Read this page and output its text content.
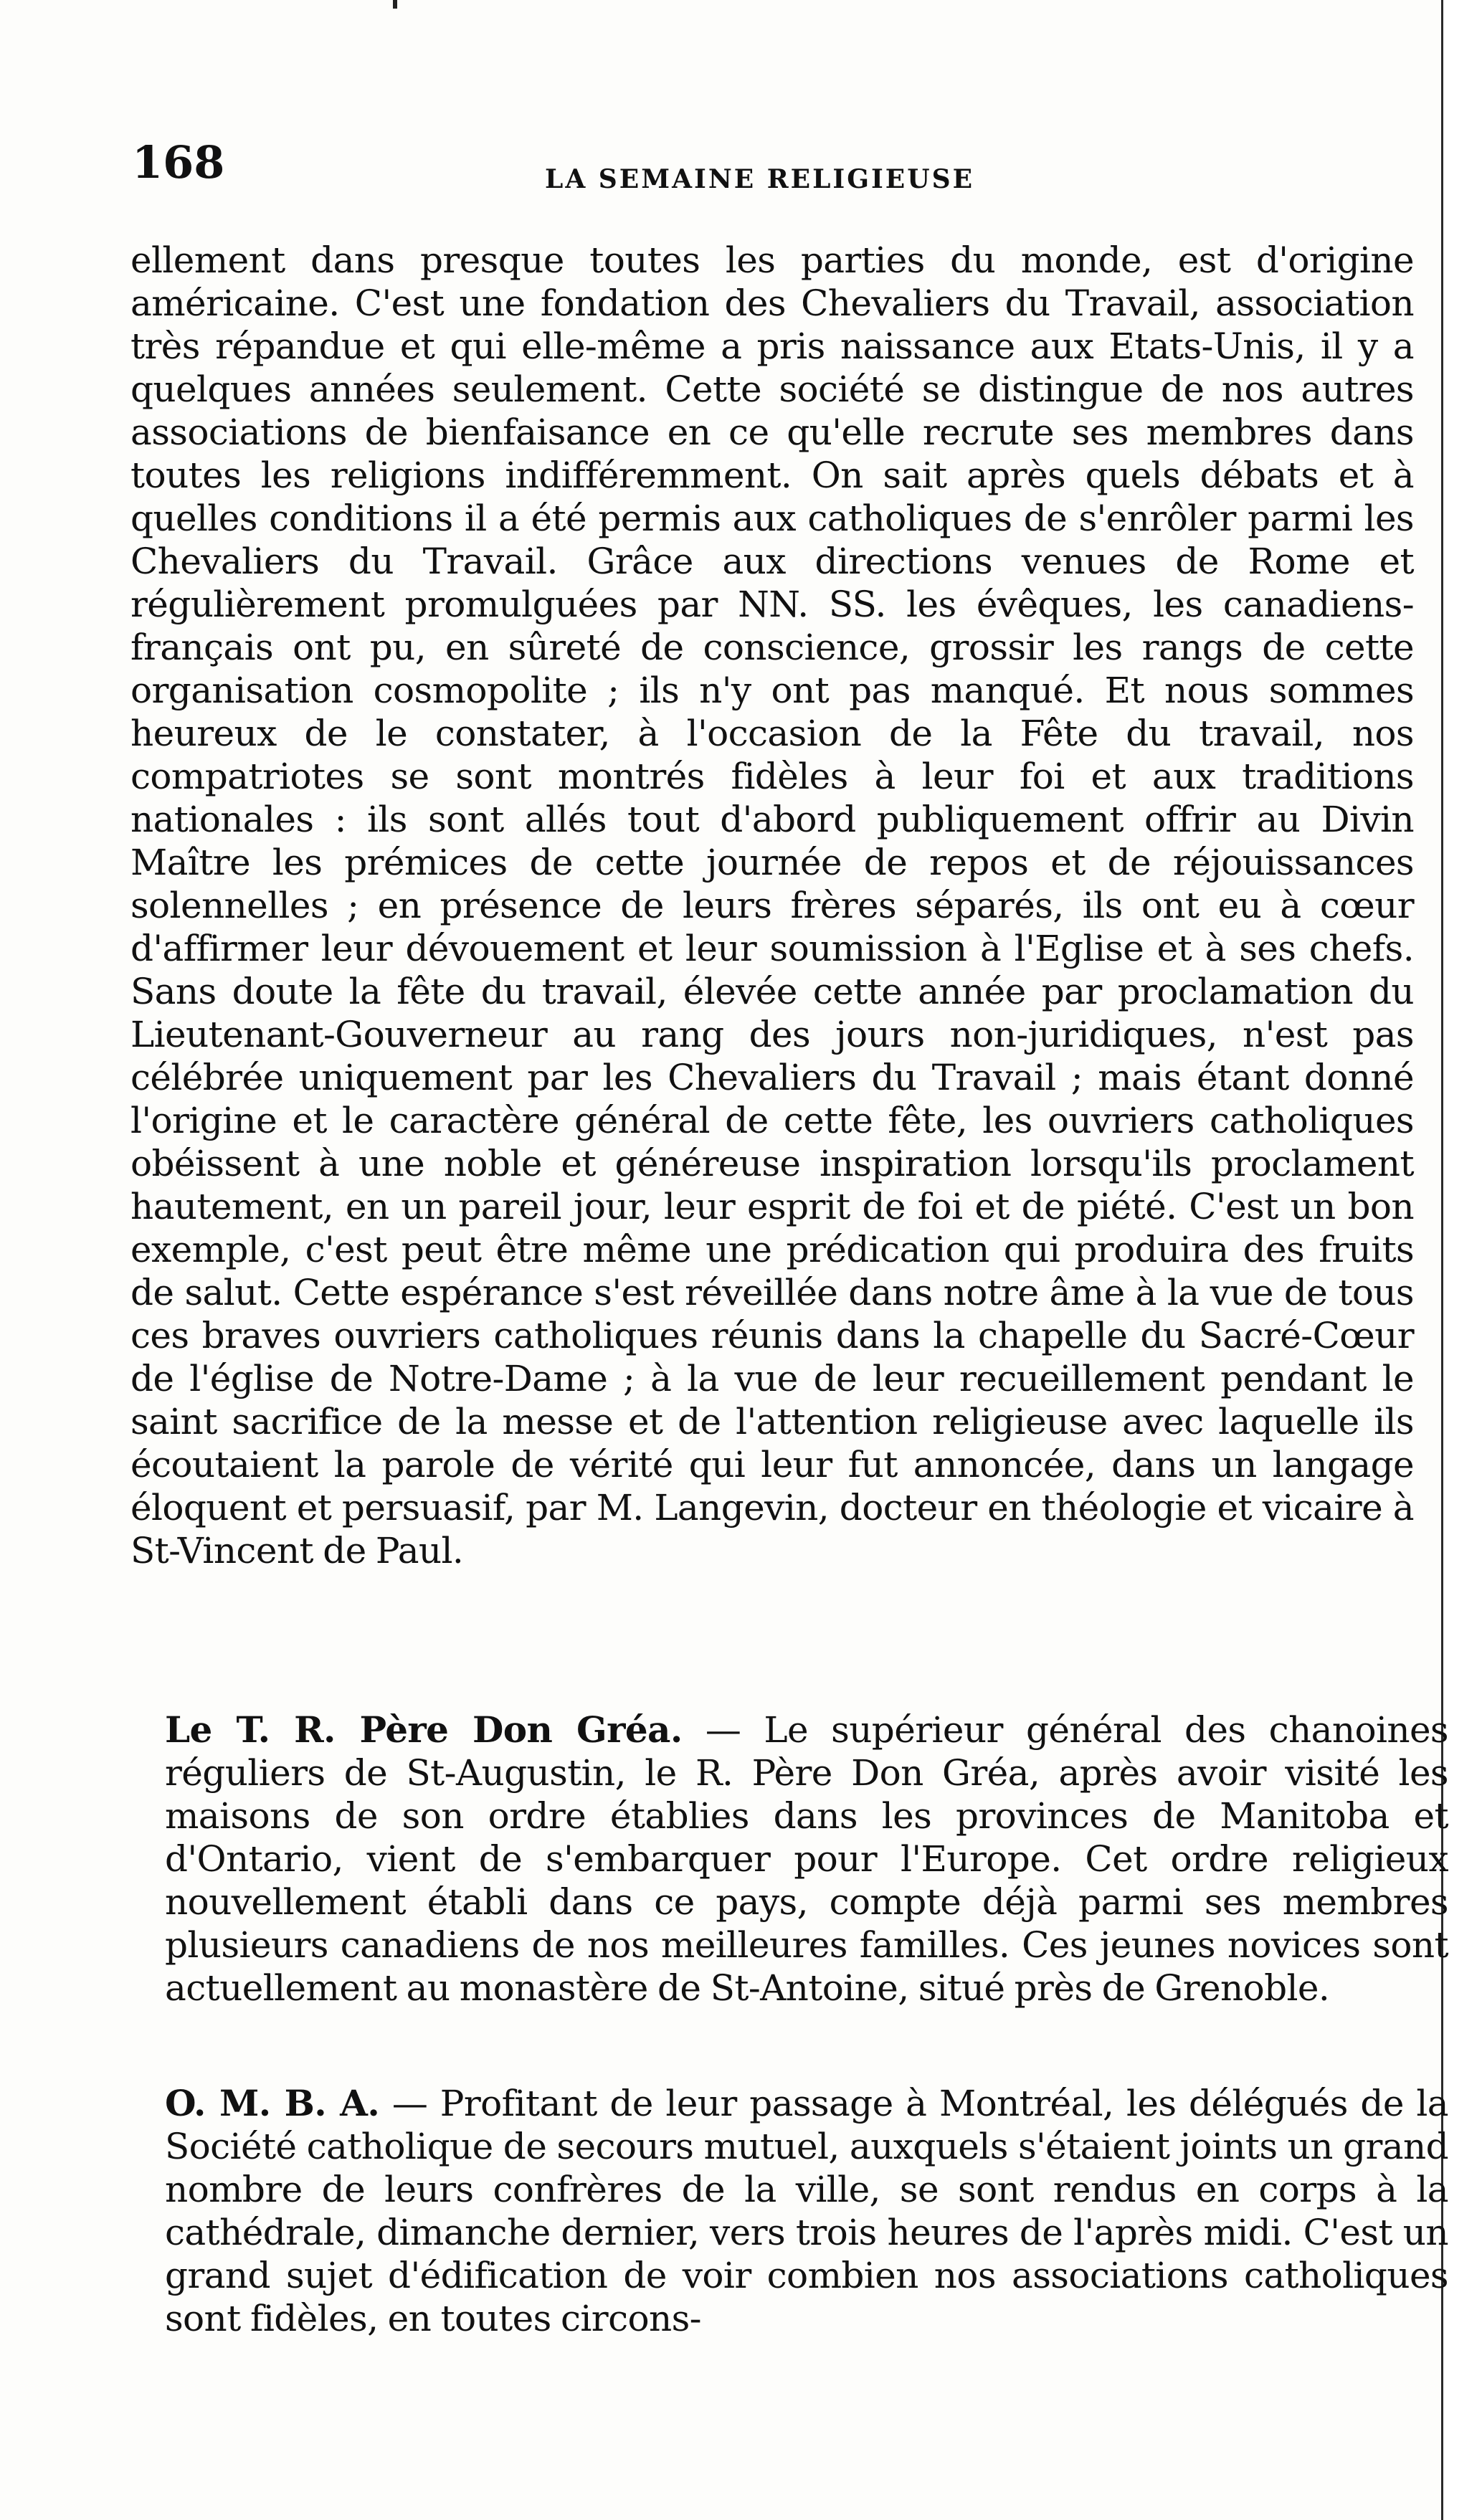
168	LA SEMAINE RELIGIEUSE

ellement dans presque toutes les parties du monde, est d'origine américaine. C'est une fondation des Chevaliers du Travail, association très répandue et qui elle-même a pris naissance aux Etats-Unis, il y a quelques années seulement. Cette société se distingue de nos autres associations de bienfaisance en ce qu'elle recrute ses membres dans toutes les religions indifféremment. On sait après quels débats et à quelles conditions il a été permis aux catholiques de s'enrôler parmi les Chevaliers du Travail. Grâce aux directions venues de Rome et régulièrement promulguées par NN. SS. les évêques, les canadiens-français ont pu, en sûreté de conscience, grossir les rangs de cette organisation cosmopolite ; ils n'y ont pas manqué. Et nous sommes heureux de le constater, à l'occasion de la Fête du travail, nos compatriotes se sont montrés fidèles à leur foi et aux traditions nationales : ils sont allés tout d'abord publiquement offrir au Divin Maître les prémices de cette journée de repos et de réjouissances solennelles ; en présence de leurs frères séparés, ils ont eu à cœur d'affirmer leur dévouement et leur soumission à l'Eglise et à ses chefs. Sans doute la fête du travail, élevée cette année par proclamation du Lieutenant-Gouverneur au rang des jours non-juridiques, n'est pas célébrée uniquement par les Chevaliers du Travail ; mais étant donné l'origine et le caractère général de cette fête, les ouvriers catholiques obéissent à une noble et généreuse inspiration lorsqu'ils proclament hautement, en un pareil jour, leur esprit de foi et de piété. C'est un bon exemple, c'est peut être même une prédication qui produira des fruits de salut. Cette espérance s'est réveillée dans notre âme à la vue de tous ces braves ouvriers catholiques réunis dans la chapelle du Sacré-Cœur de l'église de Notre-Dame ; à la vue de leur recueillement pendant le saint sacrifice de la messe et de l'attention religieuse avec laquelle ils écoutaient la parole de vérité qui leur fut annoncée, dans un langage éloquent et persuasif, par M. Langevin, docteur en théologie et vicaire à St-Vincent de Paul.

Le T. R. Père Don Gréa. — Le supérieur général des chanoines réguliers de St-Augustin, le R. Père Don Gréa, après avoir visité les maisons de son ordre établies dans les provinces de Manitoba et d'Ontario, vient de s'embarquer pour l'Europe. Cet ordre religieux nouvellement établi dans ce pays, compte déjà parmi ses membres plusieurs canadiens de nos meilleures familles. Ces jeunes novices sont actuellement au monastère de St-Antoine, situé près de Grenoble.

O. M. B. A. — Profitant de leur passage à Montréal, les délégués de la Société catholique de secours mutuel, auxquels s'étaient joints un grand nombre de leurs confrères de la ville, se sont rendus en corps à la cathédrale, dimanche dernier, vers trois heures de l'après midi. C'est un grand sujet d'édification de voir combien nos associations catholiques sont fidèles, en toutes circons-
